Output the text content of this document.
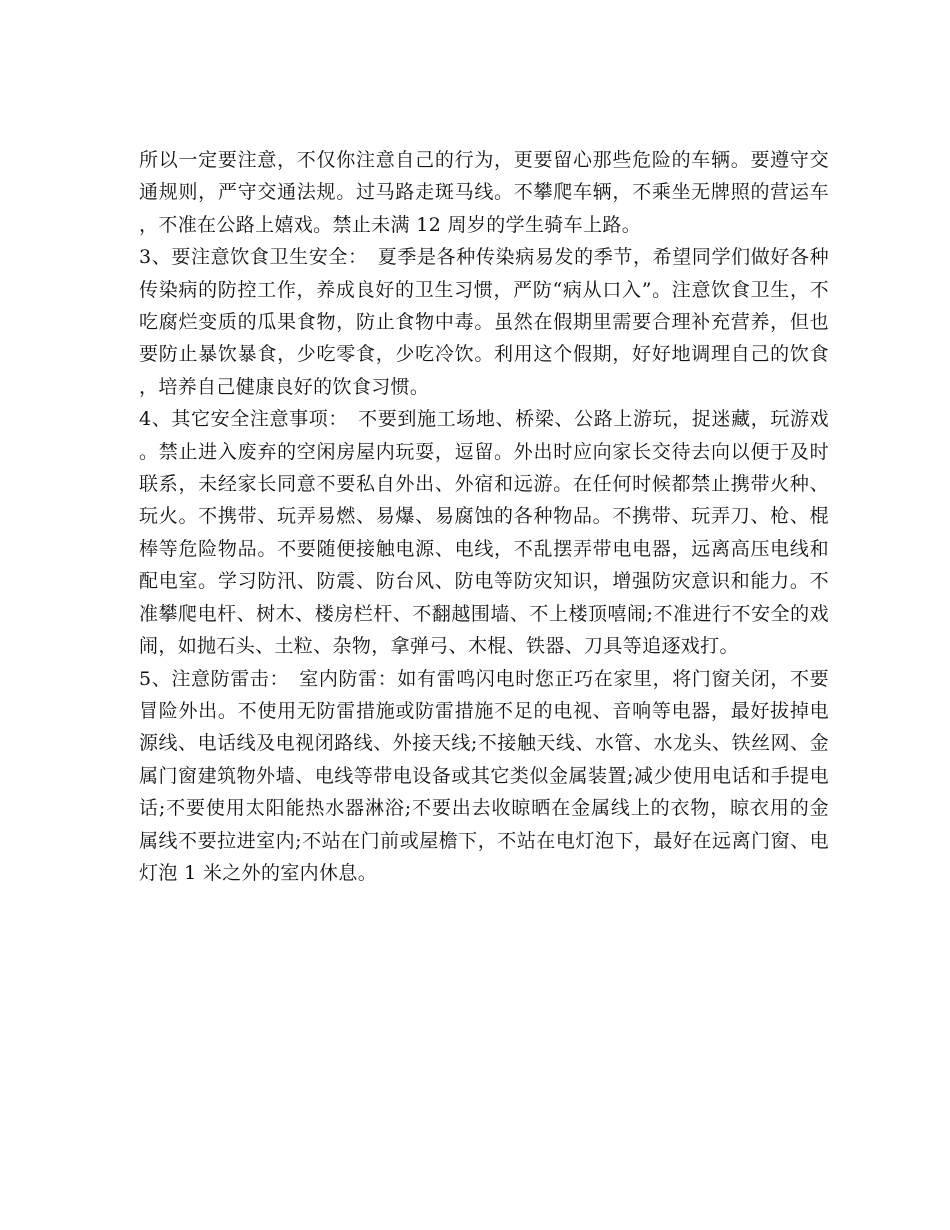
所以一定要注意，不仅你注意自己的行为，更要留心那些危险的车辆。要遵守交通规则，严守交通法规。过马路走斑马线。不攀爬车辆，不乘坐无牌照的营运车，不准在公路上嬉戏。禁止未满 12 周岁的学生骑车上路。

3、要注意饮食卫生安全：　夏季是各种传染病易发的季节，希望同学们做好各种传染病的防控工作，养成良好的卫生习惯，严防“病从口入”。注意饮食卫生，不吃腐烂变质的瓜果食物，防止食物中毒。虽然在假期里需要合理补充营养，但也要防止暴饮暴食，少吃零食，少吃冷饮。利用这个假期，好好地调理自己的饮食，培养自己健康良好的饮食习惯。

4、其它安全注意事项：　不要到施工场地、桥梁、公路上游玩，捉迷藏，玩游戏。禁止进入废弃的空闲房屋内玩耍，逗留。外出时应向家长交待去向以便于及时联系，未经家长同意不要私自外出、外宿和远游。在任何时候都禁止携带火种、玩火。不携带、玩弄易燃、易爆、易腐蚀的各种物品。不携带、玩弄刀、枪、棍棒等危险物品。不要随便接触电源、电线，不乱摆弄带电电器，远离高压电线和配电室。学习防汛、防震、防台风、防电等防灾知识，增强防灾意识和能力。不准攀爬电杆、树木、楼房栏杆、不翻越围墙、不上楼顶嘻闹;不准进行不安全的戏闹，如抛石头、土粒、杂物，拿弹弓、木棍、铁器、刀具等追逐戏打。

5、注意防雷击：　室内防雷：如有雷鸣闪电时您正巧在家里，将门窗关闭，不要冒险外出。不使用无防雷措施或防雷措施不足的电视、音响等电器，最好拔掉电源线、电话线及电视闭路线、外接天线;不接触天线、水管、水龙头、铁丝网、金属门窗建筑物外墙、电线等带电设备或其它类似金属装置;减少使用电话和手提电话;不要使用太阳能热水器淋浴;不要出去收晾晒在金属线上的衣物，晾衣用的金属线不要拉进室内;不站在门前或屋檐下，不站在电灯泡下，最好在远离门窗、电灯泡 1 米之外的室内休息。
